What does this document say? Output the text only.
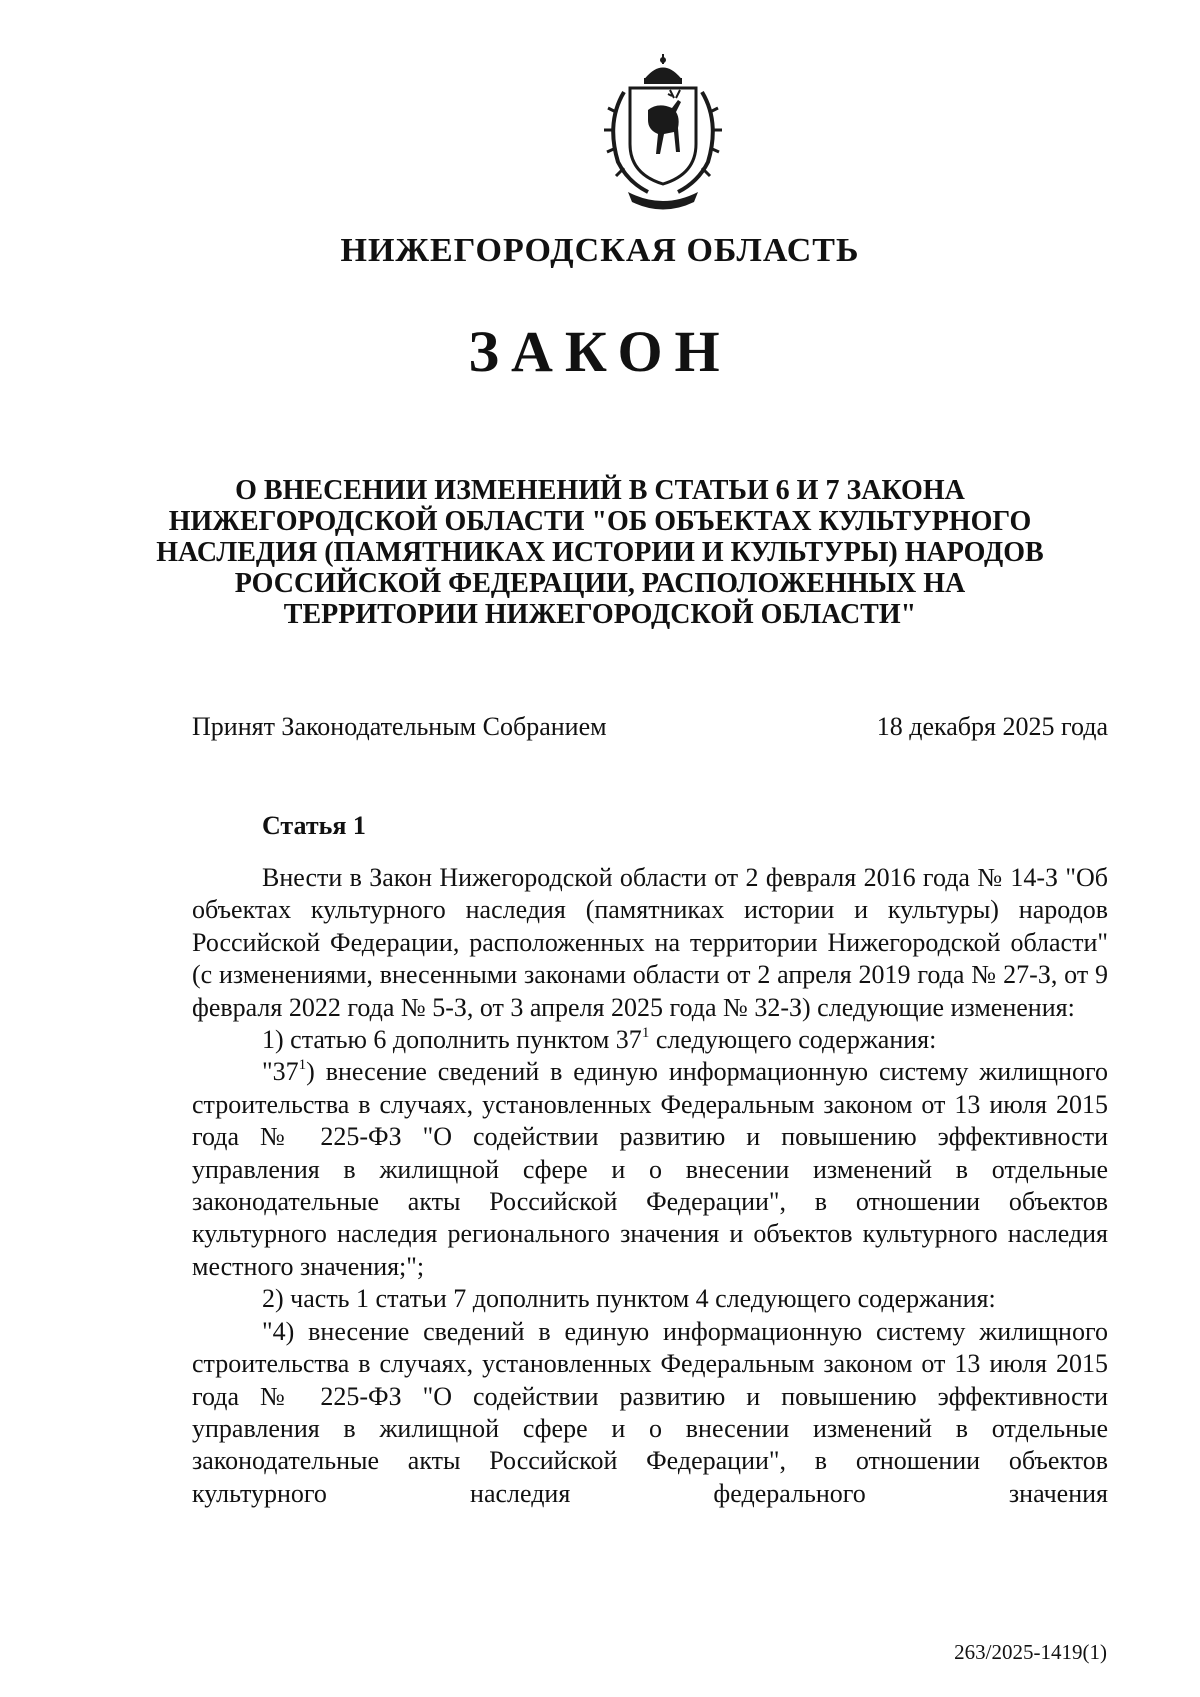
НИЖЕГОРОДСКАЯ ОБЛАСТЬ
ЗАКОН
О ВНЕСЕНИИ ИЗМЕНЕНИЙ В СТАТЬИ 6 И 7 ЗАКОНА
НИЖЕГОРОДСКОЙ ОБЛАСТИ "ОБ ОБЪЕКТАХ КУЛЬТУРНОГО
НАСЛЕДИЯ (ПАМЯТНИКАХ ИСТОРИИ И КУЛЬТУРЫ) НАРОДОВ
РОССИЙСКОЙ ФЕДЕРАЦИИ, РАСПОЛОЖЕННЫХ НА
ТЕРРИТОРИИ НИЖЕГОРОДСКОЙ ОБЛАСТИ"
Принят Законодательным Собранием	18 декабря 2025 года
Статья 1

Внести в Закон Нижегородской области от 2 февраля 2016 года № 14-З "Об объектах культурного наследия (памятниках истории и культуры) народов Российской Федерации, расположенных на территории Нижегородской области" (с изменениями, внесенными законами области от 2 апреля 2019 года № 27-З, от 9 февраля 2022 года № 5-З, от 3 апреля 2025 года № 32-З) следующие изменения:

1) статью 6 дополнить пунктом $37^1$ следующего содержания:

"$37^1$) внесение сведений в единую информационную систему жилищного строительства в случаях, установленных Федеральным законом от 13 июля 2015 года № 225-ФЗ "О содействии развитию и повышению эффективности управления в жилищной сфере и о внесении изменений в отдельные законодательные акты Российской Федерации", в отношении объектов культурного наследия регионального значения и объектов культурного наследия местного значения;";

2) часть 1 статьи 7 дополнить пунктом 4 следующего содержания:

"4) внесение сведений в единую информационную систему жилищного строительства в случаях, установленных Федеральным законом от 13 июля 2015 года № 225-ФЗ "О содействии развитию и повышению эффективности управления в жилищной сфере и о внесении изменений в отдельные законодательные акты Российской Федерации", в отношении объектов культурного наследия федерального значения

263/2025-1419(1)
